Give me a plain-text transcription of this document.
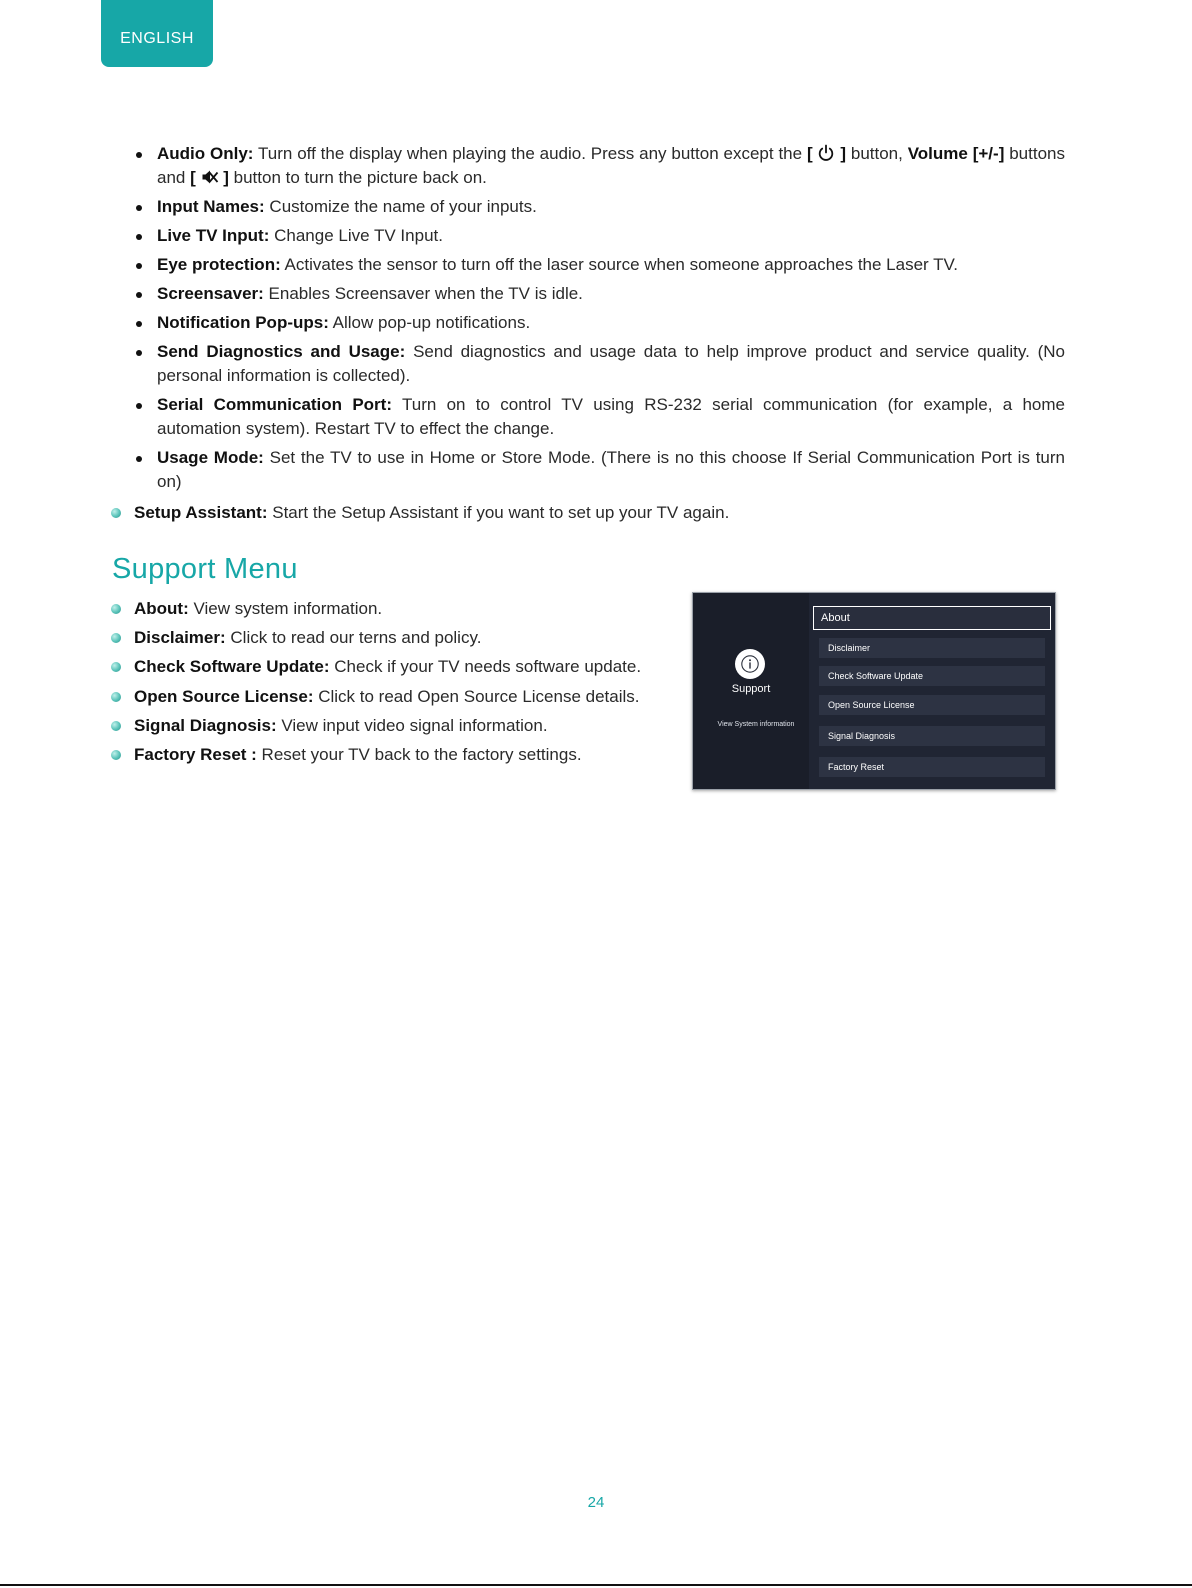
ENGLISH
Audio Only: Turn off the display when playing the audio. Press any button except the [ ] button, Volume [+/-] buttons and [ ] button to turn the picture back on.
Input Names: Customize the name of your inputs.
Live TV Input: Change Live TV Input.
Eye protection: Activates the sensor to turn off the laser source when someone approaches the Laser TV.
Screensaver: Enables Screensaver when the TV is idle.
Notification Pop-ups: Allow pop-up notifications.
Send Diagnostics and Usage: Send diagnostics and usage data to help improve product and service quality. (No personal information is collected).
Serial Communication Port: Turn on to control TV using RS-232 serial communication (for example, a home automation system). Restart TV to effect the change.
Usage Mode: Set the TV to use in Home or Store Mode. (There is no this choose If Serial Communication Port is turn on)
Setup Assistant: Start the Setup Assistant if you want to set up your TV again.
Support Menu
About: View system information.
Disclaimer: Click to read our terns and policy.
Check Software Update: Check if your TV needs software update.
Open Source License: Click to read Open Source License details.
Signal Diagnosis: View input video signal information.
Factory Reset : Reset your TV back to the factory settings.
Support
View System information
About
Disclaimer
Check Software Update
Open Source License
Signal Diagnosis
Factory Reset
24
